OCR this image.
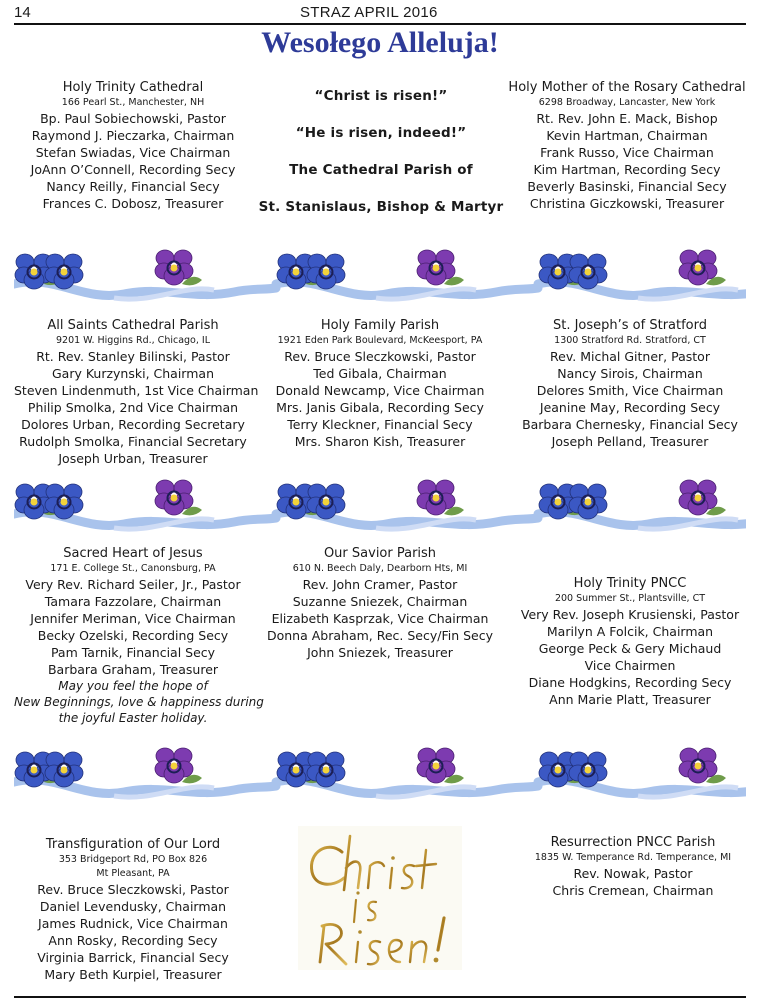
14	STRAZ APRIL 2016
Wesołego Alleluja!
Holy Trinity Cathedral
166 Pearl St., Manchester, NH
Bp. Paul Sobiechowski, Pastor
Raymond J. Pieczarka, Chairman
Stefan Swiadas, Vice Chairman
JoAnn O’Connell, Recording Secy
Nancy Reilly, Financial Secy
Frances C. Dobosz, Treasurer
“Christ is risen!”
“He is risen, indeed!”
The Cathedral Parish of
St. Stanislaus, Bishop & Martyr
Holy Mother of the Rosary Cathedral
6298 Broadway, Lancaster, New York
Rt. Rev. John E. Mack, Bishop
Kevin Hartman, Chairman
Frank Russo, Vice Chairman
Kim Hartman, Recording Secy
Beverly Basinski, Financial Secy
Christina Giczkowski, Treasurer
All Saints Cathedral Parish
9201 W. Higgins Rd., Chicago, IL
Rt. Rev. Stanley Bilinski, Pastor
Gary Kurzynski, Chairman
Steven Lindenmuth, 1st Vice Chairman
Philip Smolka, 2nd Vice Chairman
Dolores Urban, Recording Secretary
Rudolph Smolka, Financial Secretary
Joseph Urban, Treasurer
Holy Family Parish
1921 Eden Park Boulevard, McKeesport, PA
Rev. Bruce Sleczkowski, Pastor
Ted Gibala, Chairman
Donald Newcamp, Vice Chairman
Mrs. Janis Gibala, Recording Secy
Terry Kleckner, Financial Secy
Mrs. Sharon Kish, Treasurer
St. Joseph’s of Stratford
1300 Stratford Rd. Stratford, CT
Rev. Michal Gitner, Pastor
Nancy Sirois, Chairman
Delores Smith, Vice Chairman
Jeanine May, Recording Secy
Barbara Chernesky, Financial Secy
Joseph Pelland, Treasurer
Sacred Heart of Jesus
171 E. College St., Canonsburg, PA
Very Rev. Richard Seiler, Jr., Pastor
Tamara Fazzolare, Chairman
Jennifer Meriman, Vice Chairman
Becky Ozelski, Recording Secy
Pam Tarnik, Financial Secy
Barbara Graham, Treasurer
May you feel the hope of
New Beginnings, love & happiness during
the joyful Easter holiday.
Our Savior Parish
610 N. Beech Daly, Dearborn Hts, MI
Rev. John Cramer, Pastor
Suzanne Sniezek, Chairman
Elizabeth Kasprzak, Vice Chairman
Donna Abraham, Rec. Secy/Fin Secy
John Sniezek, Treasurer
Holy Trinity PNCC
200 Summer St., Plantsville, CT
Very Rev. Joseph Krusienski, Pastor
Marilyn A Folcik, Chairman
George Peck & Gery Michaud
Vice Chairmen
Diane Hodgkins, Recording Secy
Ann Marie Platt, Treasurer
Transfiguration of Our Lord
353 Bridgeport Rd, PO Box 826
Mt Pleasant, PA
Rev. Bruce Sleczkowski, Pastor
Daniel Levendusky, Chairman
James Rudnick, Vice Chairman
Ann Rosky, Recording Secy
Virginia Barrick, Financial Secy
Mary Beth Kurpiel, Treasurer
Resurrection PNCC Parish
1835 W. Temperance Rd. Temperance, MI
Rev. Nowak, Pastor
Chris Cremean, Chairman
